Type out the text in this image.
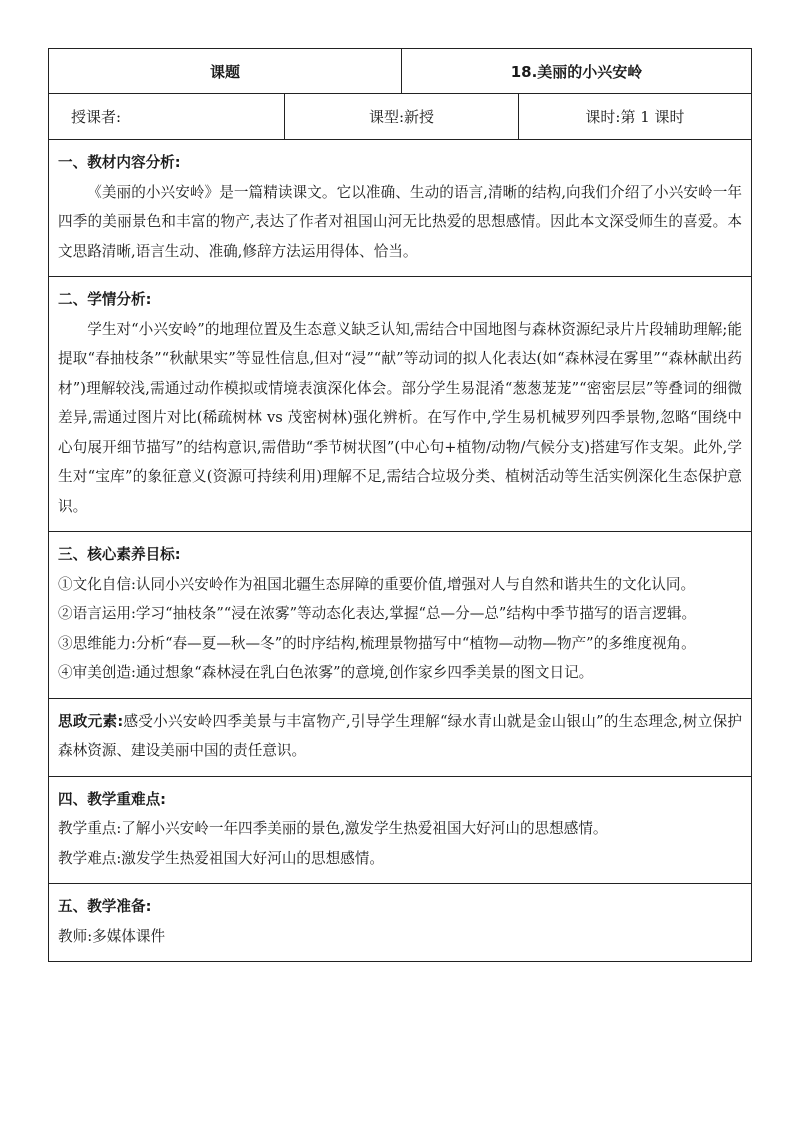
课题	18.美丽的小兴安岭
授课者:	课型:新授	课时:第 1 课时
一、教材内容分析:

《美丽的小兴安岭》是一篇精读课文。它以准确、生动的语言,清晰的结构,向我们介绍了小兴安岭一年四季的美丽景色和丰富的物产,表达了作者对祖国山河无比热爱的思想感情。因此本文深受师生的喜爱。本文思路清晰,语言生动、准确,修辞方法运用得体、恰当。

二、学情分析:

学生对“小兴安岭”的地理位置及生态意义缺乏认知,需结合中国地图与森林资源纪录片片段辅助理解;能提取“春抽枝条”“秋献果实”等显性信息,但对“浸”“献”等动词的拟人化表达(如“森林浸在雾里”“森林献出药材”)理解较浅,需通过动作模拟或情境表演深化体会。部分学生易混淆“葱葱茏茏”“密密层层”等叠词的细微差异,需通过图片对比(稀疏树林 vs 茂密树林)强化辨析。在写作中,学生易机械罗列四季景物,忽略“围绕中心句展开细节描写”的结构意识,需借助“季节树状图”(中心句+植物/动物/气候分支)搭建写作支架。此外,学生对“宝库”的象征意义(资源可持续利用)理解不足,需结合垃圾分类、植树活动等生活实例深化生态保护意识。

三、核心素养目标:

①文化自信:认同小兴安岭作为祖国北疆生态屏障的重要价值,增强对人与自然和谐共生的文化认同。

②语言运用:学习“抽枝条”“浸在浓雾”等动态化表达,掌握“总—分—总”结构中季节描写的语言逻辑。

③思维能力:分析“春—夏—秋—冬”的时序结构,梳理景物描写中“植物—动物—物产”的多维度视角。

④审美创造:通过想象“森林浸在乳白色浓雾”的意境,创作家乡四季美景的图文日记。

思政元素:感受小兴安岭四季美景与丰富物产,引导学生理解“绿水青山就是金山银山”的生态理念,树立保护森林资源、建设美丽中国的责任意识。

四、教学重难点:

教学重点:了解小兴安岭一年四季美丽的景色,激发学生热爱祖国大好河山的思想感情。

教学难点:激发学生热爱祖国大好河山的思想感情。

五、教学准备:

教师:多媒体课件
